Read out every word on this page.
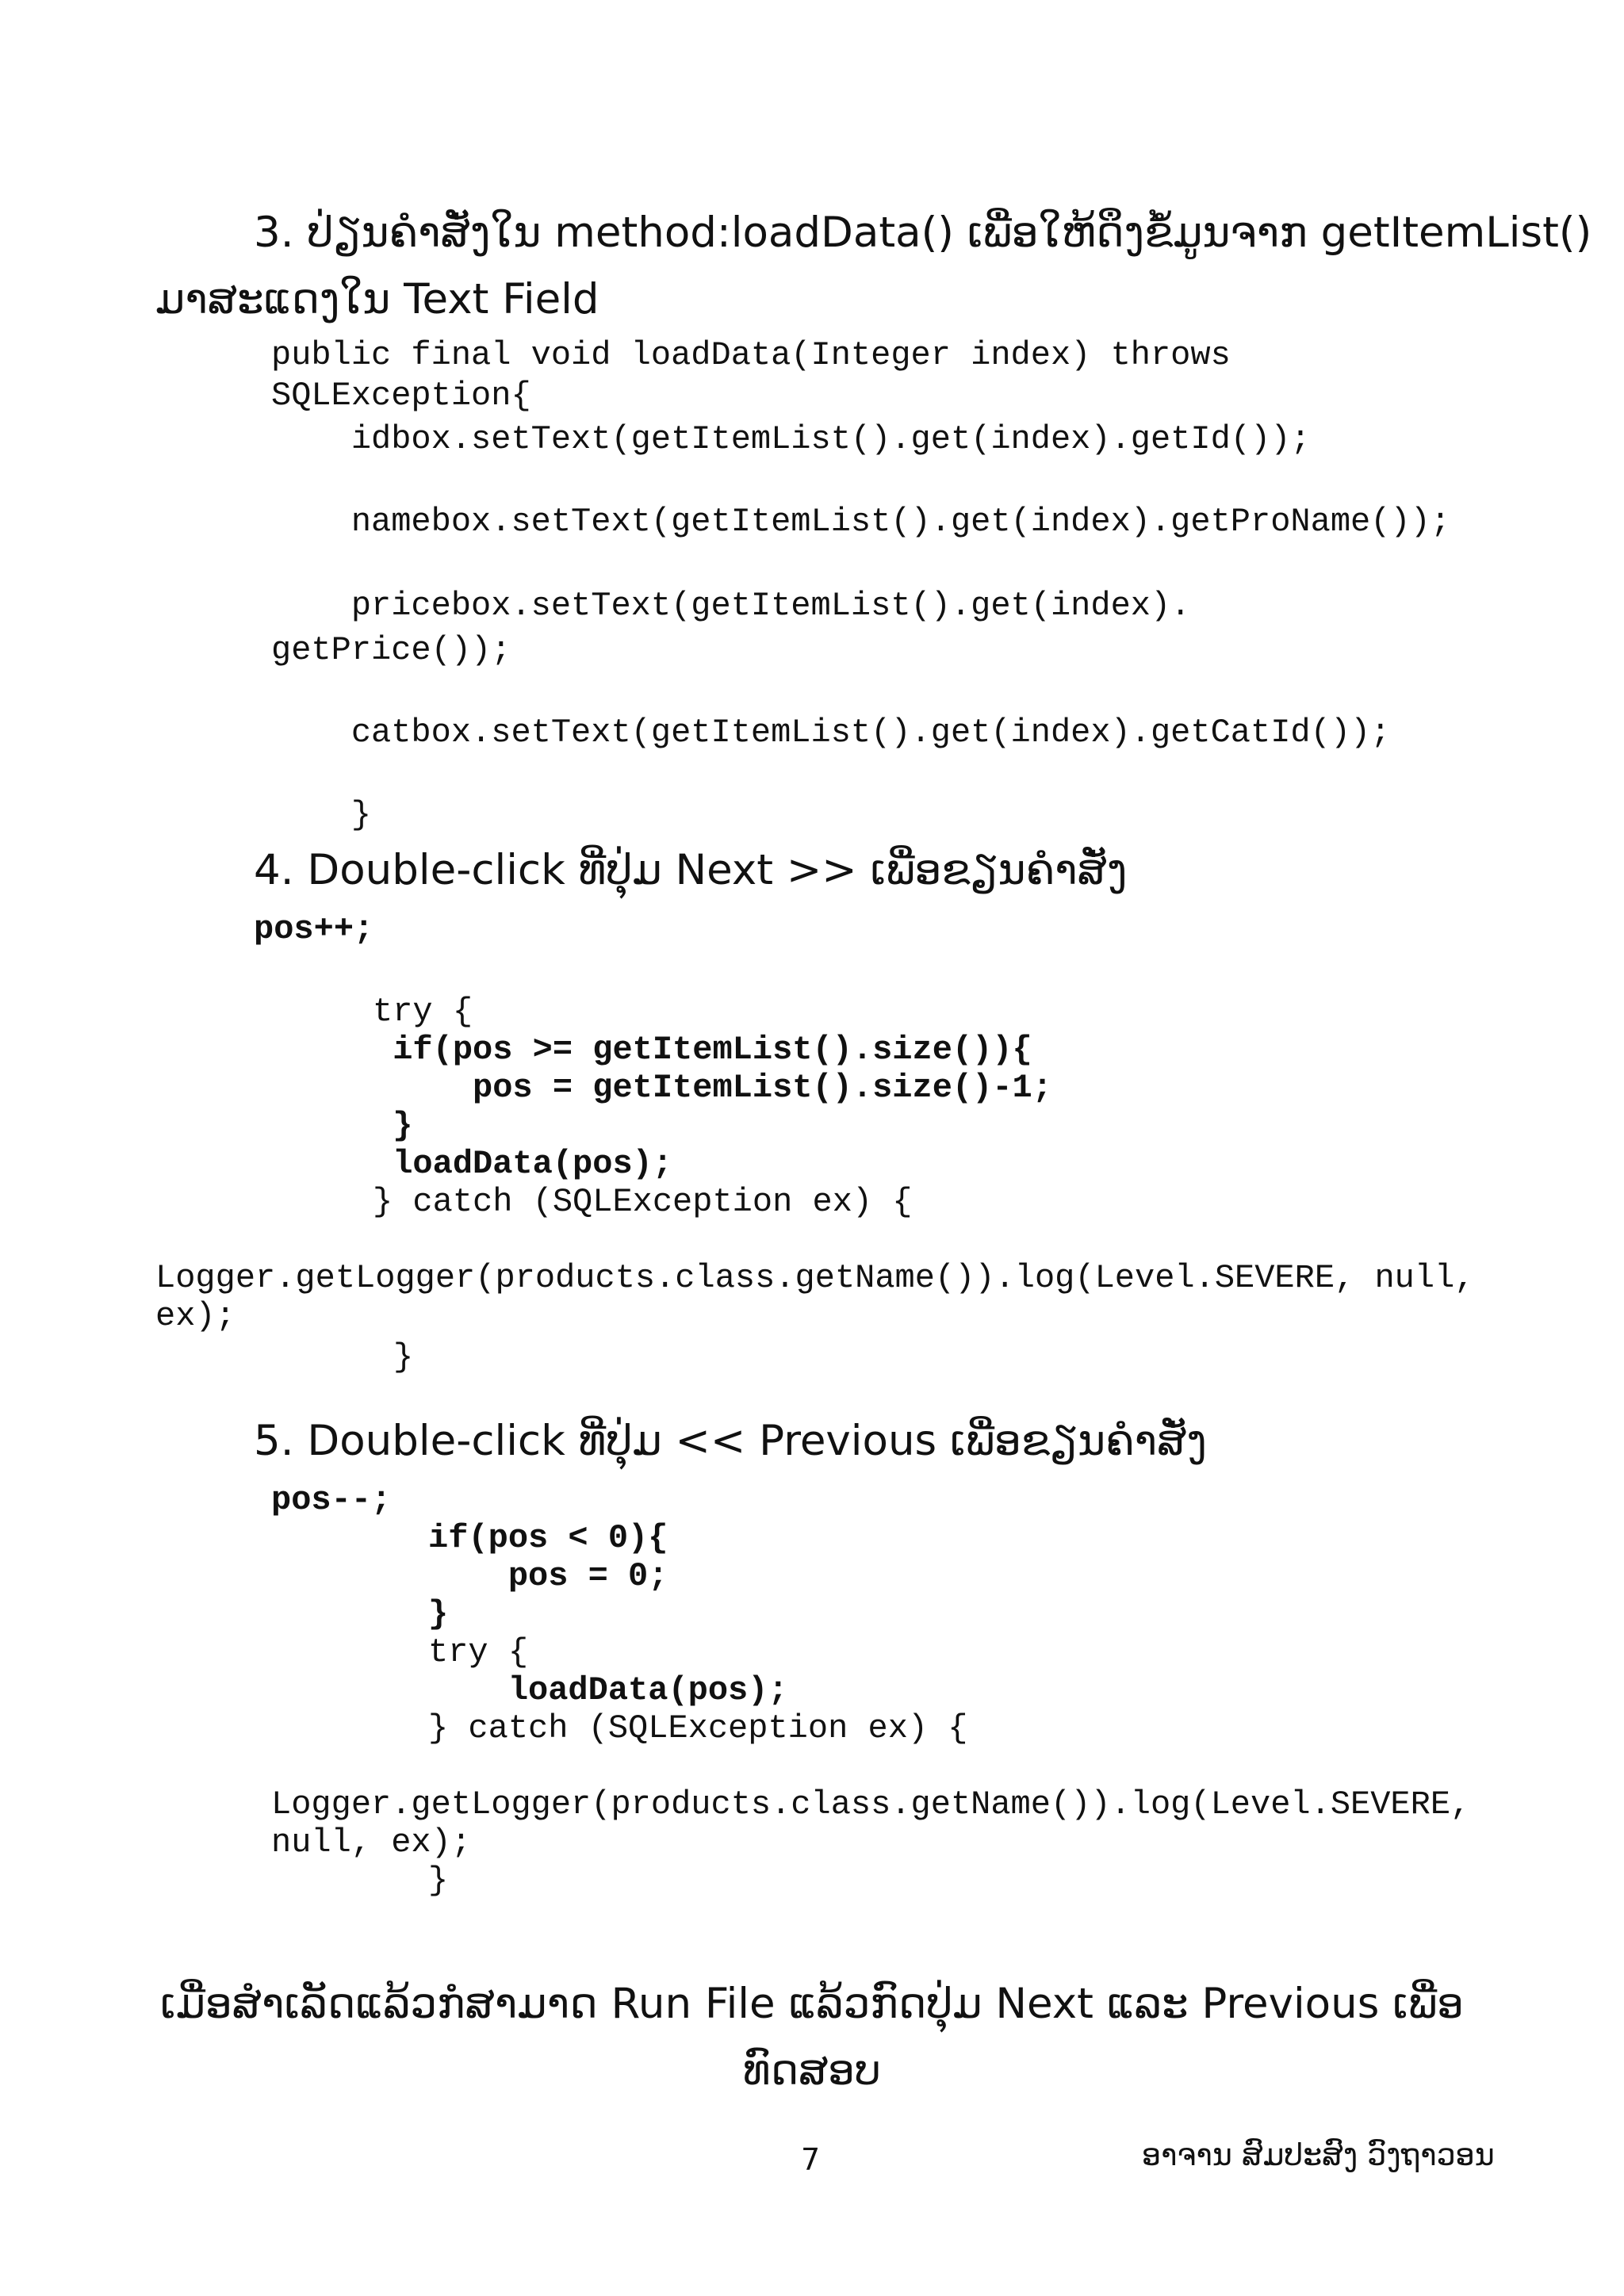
3. ປ່ຽນຄຳສັ່ງໃນ method:loadData() ເພື່ອໃຫ້ດຶງຂໍ້ມູນຈາກ getItemList()

ມາສະແດງໃນ Text Field

public final void loadData(Integer index) throws

SQLException{

idbox.setText(getItemList().get(index).getId());

namebox.setText(getItemList().get(index).getProName());

pricebox.setText(getItemList().get(index).

getPrice());

catbox.setText(getItemList().get(index).getCatId());

}

4. Double-click ທີ່ປຸ່ມ Next >> ເພື່ອຂຽນຄຳສັ່ງ

pos++;

try {

if(pos >= getItemList().size()){

pos = getItemList().size()-1;

}

loadData(pos);

} catch (SQLException ex) {

Logger.getLogger(products.class.getName()).log(Level.SEVERE, null,

ex);

}

5. Double-click ທີ່ປຸ່ມ << Previous ເພື່ອຂຽນຄຳສັ່ງ

pos--;

if(pos < 0){

pos = 0;

}

try {

loadData(pos);

} catch (SQLException ex) {

Logger.getLogger(products.class.getName()).log(Level.SEVERE,

null, ex);

}

ເມື່ອສຳເລັດແລ້ວກໍສາມາດ Run File ແລ້ວກົດປຸ່ມ Next ແລະ Previous ເພື່ອ

ທົດສອບ

7	ອາຈານ ສົມປະສົງ ວົງຖາວອນ
